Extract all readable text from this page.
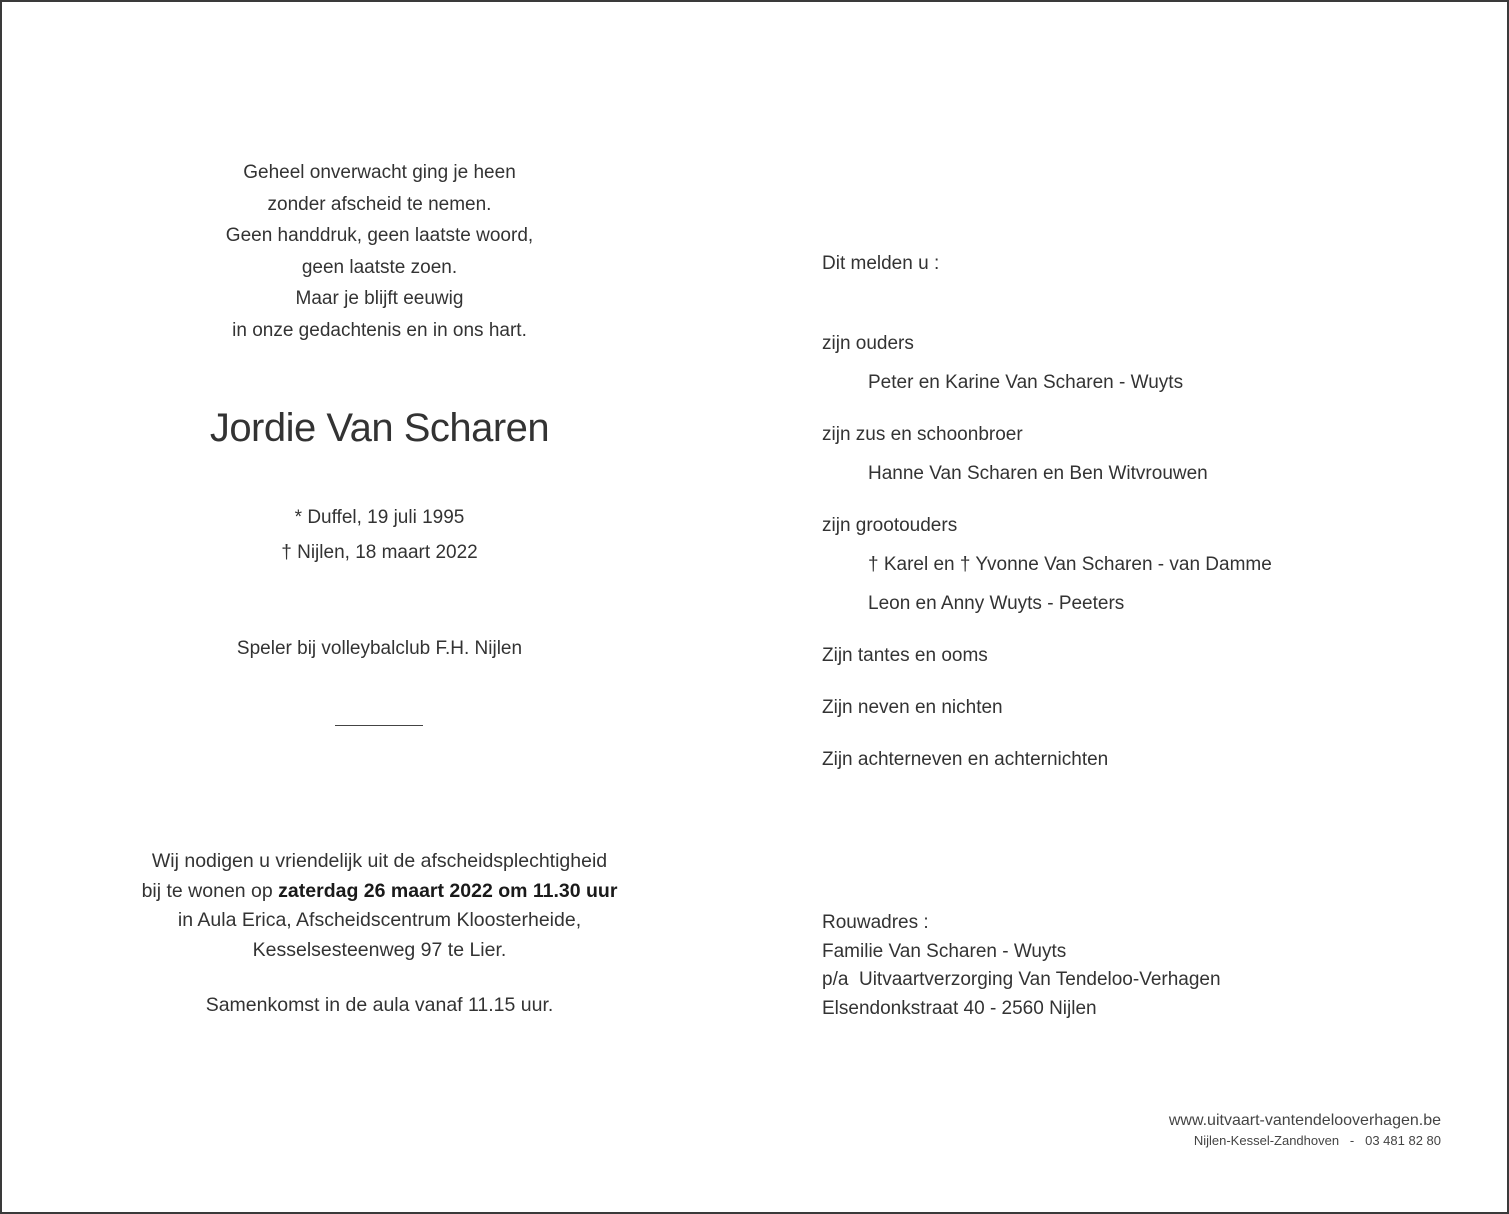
Geheel onverwacht ging je heen
zonder afscheid te nemen.
Geen handdruk, geen laatste woord,
geen laatste zoen.
Maar je blijft eeuwig
in onze gedachtenis en in ons hart.
Jordie Van Scharen
* Duffel, 19 juli 1995
† Nijlen, 18 maart 2022
Speler bij volleybalclub F.H. Nijlen
Wij nodigen u vriendelijk uit de afscheidsplechtigheid
bij te wonen op zaterdag 26 maart 2022 om 11.30 uur
in Aula Erica, Afscheidscentrum Kloosterheide,
Kesselsesteenweg 97 te Lier.
Samenkomst in de aula vanaf 11.15 uur.
Dit melden u :
zijn ouders
Peter en Karine Van Scharen - Wuyts
zijn zus en schoonbroer
Hanne Van Scharen en Ben Witvrouwen
zijn grootouders
† Karel en † Yvonne Van Scharen - van Damme
Leon en Anny Wuyts - Peeters
Zijn tantes en ooms
Zijn neven en nichten
Zijn achterneven en achternichten
Rouwadres :
Familie Van Scharen - Wuyts
p/a  Uitvaartverzorging Van Tendeloo-Verhagen
Elsendonkstraat 40 - 2560 Nijlen
www.uitvaart-vantendelooverhagen.be
Nijlen-Kessel-Zandhoven   -   03 481 82 80
